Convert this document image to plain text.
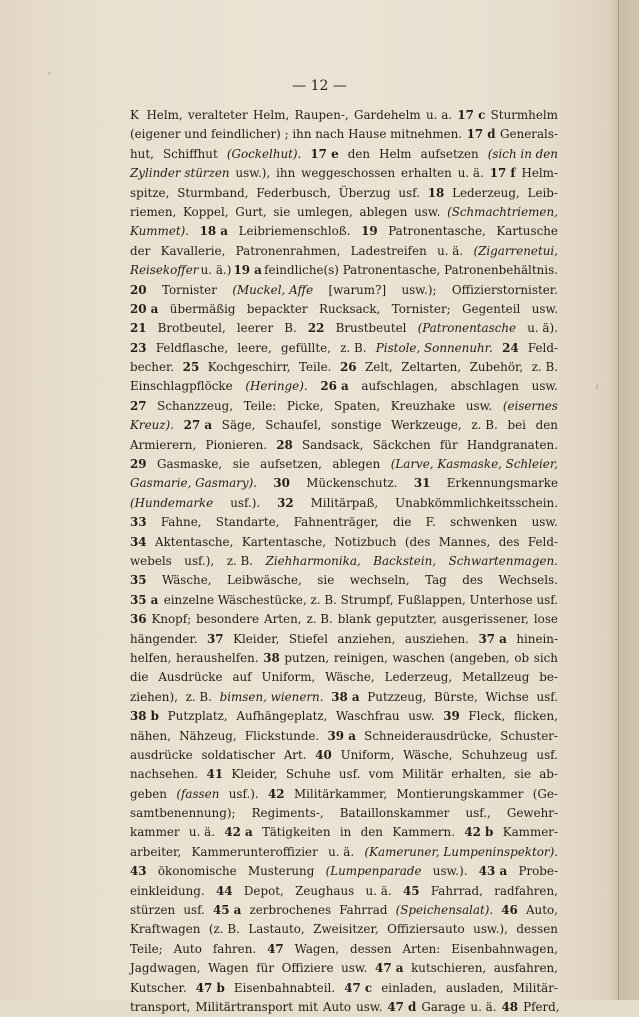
— 12 —
K  Helm, veralteter Helm, Raupen-, Gardehelm u. a. 17 c Sturmhelm
(eigener und feindlicher) ; ihn nach Hause mitnehmen. 17 d Generals-
hut, Schiffhut (Gockelhut). 17 e den Helm aufsetzen (sich in den
Zylinder stürzen usw.), ihn weggeschossen erhalten u. ä. 17 f Helm-
spitze, Sturmband, Federbusch, Überzug usf. 18 Lederzeug, Leib-
riemen, Koppel, Gurt, sie umlegen, ablegen usw. (Schmachtriemen,
Kummet). 18 a Leibriemenschloß. 19 Patronentasche, Kartusche
der Kavallerie, Patronenrahmen, Ladestreifen u. ä. (Zigarrenetui,
Reisekoffer u. ä.) 19 a feindliche(s) Patronentasche, Patronenbehältnis.
20 Tornister (Muckel, Affe [warum?] usw.); Offizierstornister.
20 a übermäßig bepackter Rucksack, Tornister; Gegenteil usw.
21 Brotbeutel, leerer B. 22 Brustbeutel (Patronentasche u. ä).
23 Feldflasche, leere, gefüllte, z. B. Pistole, Sonnenuhr. 24 Feld-
becher. 25 Kochgeschirr, Teile. 26 Zelt, Zeltarten, Zubehör, z. B.
Einschlagpflöcke (Heringe). 26 a aufschlagen, abschlagen usw.
27 Schanzzeug, Teile: Picke, Spaten, Kreuzhake usw. (eisernes
Kreuz). 27 a Säge, Schaufel, sonstige Werkzeuge, z. B. bei den
Armierern, Pionieren. 28 Sandsack, Säckchen für Handgranaten.
29 Gasmaske, sie aufsetzen, ablegen (Larve, Kasmaske, Schleier,
Gasmarie, Gasmary). 30 Mückenschutz. 31 Erkennungsmarke
(Hundemarke usf.). 32 Militärpaß, Unabkömmlichkeitsschein.
33 Fahne, Standarte, Fahnenträger, die F. schwenken usw.
34 Aktentasche, Kartentasche, Notizbuch (des Mannes, des Feld-
webels usf.), z. B. Ziehharmonika, Backstein, Schwartenmagen.
35 Wäsche, Leibwäsche, sie wechseln, Tag des Wechsels.
35 a einzelne Wäschestücke, z. B. Strumpf, Fußlappen, Unterhose usf.
36 Knopf; besondere Arten, z. B. blank geputzter, ausgerissener, lose
hängender. 37 Kleider, Stiefel anziehen, ausziehen. 37 a hinein-
helfen, heraushelfen. 38 putzen, reinigen, waschen (angeben, ob sich
die Ausdrücke auf Uniform, Wäsche, Lederzeug, Metallzeug be-
ziehen), z. B. bimsen, wienern. 38 a Putzzeug, Bürste, Wichse usf.
38 b Putzplatz, Aufhängeplatz, Waschfrau usw. 39 Fleck, flicken,
nähen, Nähzeug, Flickstunde. 39 a Schneiderausdrücke, Schuster-
ausdrücke soldatischer Art. 40 Uniform, Wäsche, Schuhzeug usf.
nachsehen. 41 Kleider, Schuhe usf. vom Militär erhalten, sie ab-
geben (fassen usf.). 42 Militärkammer, Montierungskammer (Ge-
samtbenennung); Regiments-, Bataillonskammer usf., Gewehr-
kammer u. ä. 42 a Tätigkeiten in den Kammern. 42 b Kammer-
arbeiter, Kammerunteroffizier u. ä. (Kameruner, Lumpeninspektor).
43 ökonomische Musterung (Lumpenparade usw.). 43 a Probe-
einkleidung. 44 Depot, Zeughaus u. ä. 45 Fahrrad, radfahren,
stürzen usf. 45 a zerbrochenes Fahrrad (Speichensalat). 46 Auto,
Kraftwagen (z. B. Lastauto, Zweisitzer, Offiziersauto usw.), dessen
Teile; Auto fahren. 47 Wagen, dessen Arten: Eisenbahnwagen,
Jagdwagen, Wagen für Offiziere usw. 47 a kutschieren, ausfahren,
Kutscher. 47 b Eisenbahnabteil. 47 c einladen, ausladen, Militär-
transport, Militärtransport mit Auto usw. 47 d Garage u. ä. 48 Pferd,
